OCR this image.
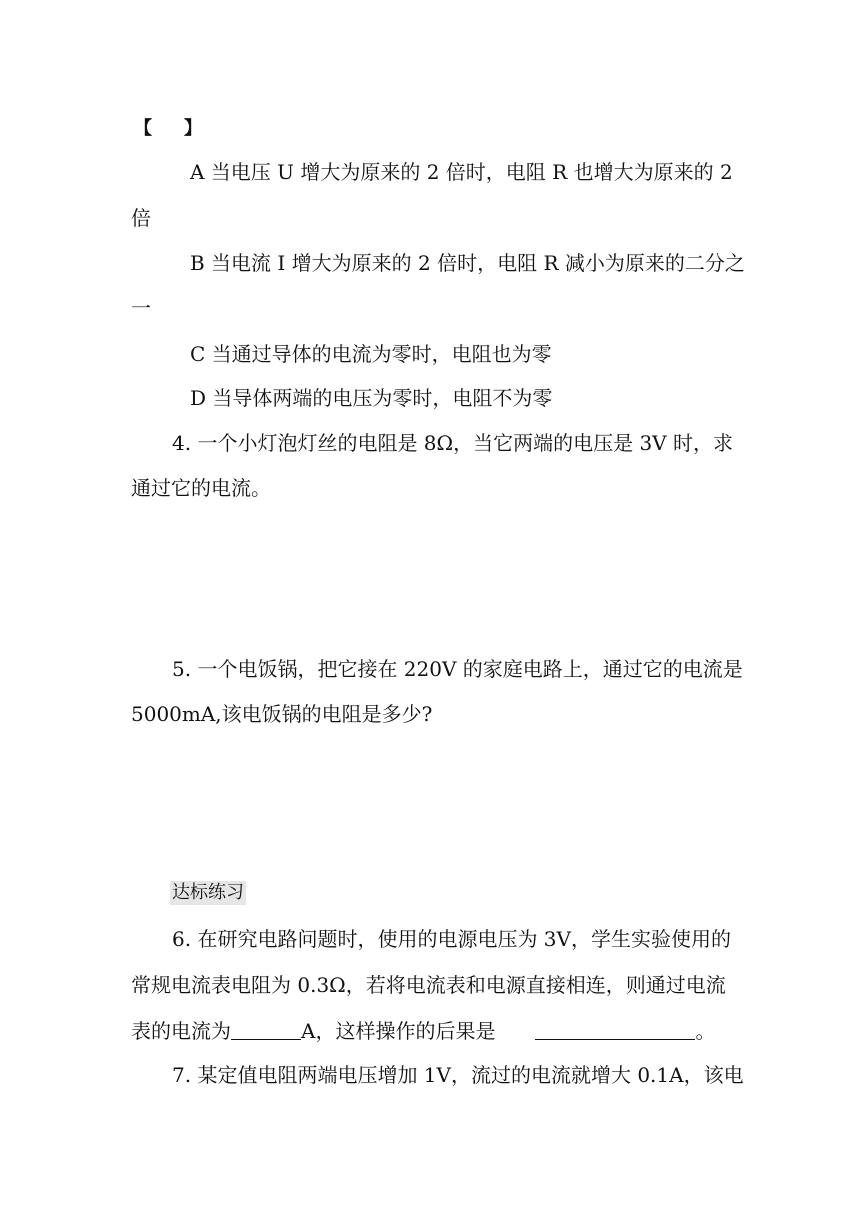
【 】
A 当电压 U 增大为原来的 2 倍时，电阻 R 也增大为原来的 2
倍
B 当电流 I 增大为原来的 2 倍时，电阻 R 减小为原来的二分之
一
C 当通过导体的电流为零时，电阻也为零
D 当导体两端的电压为零时，电阻不为零
4. 一个小灯泡灯丝的电阻是 8Ω，当它两端的电压是 3V 时，求
通过它的电流。
5. 一个电饭锅，把它接在 220V 的家庭电路上，通过它的电流是
5000mA,该电饭锅的电阻是多少?
达标练习
6. 在研究电路问题时，使用的电源电压为 3V，学生实验使用的
常规电流表电阻为 0.3Ω，若将电流表和电源直接相连，则通过电流
表的电流为	A，这样操作的后果是	。
7. 某定值电阻两端电压增加 1V，流过的电流就增大 0.1A，该电
